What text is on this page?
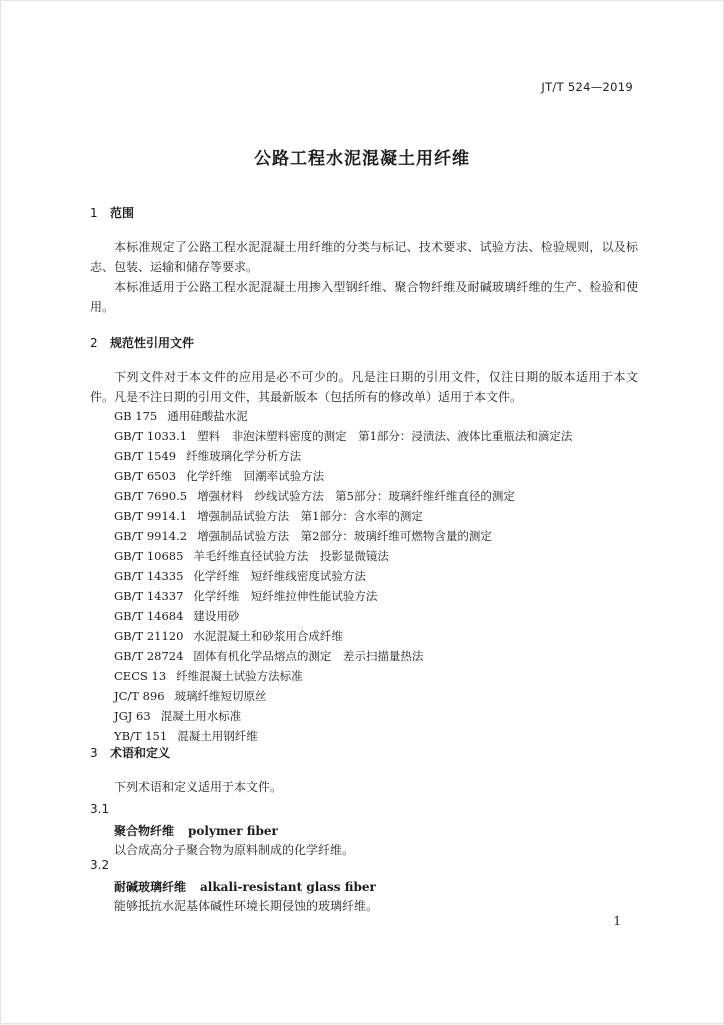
JT/T 524—2019
公路工程水泥混凝土用纤维
1 范围
本标准规定了公路工程水泥混凝土用纤维的分类与标记、技术要求、试验方法、检验规则，以及标志、包装、运输和储存等要求。
本标准适用于公路工程水泥混凝土用掺入型钢纤维、聚合物纤维及耐碱玻璃纤维的生产、检验和使用。
2 规范性引用文件
下列文件对于本文件的应用是必不可少的。凡是注日期的引用文件，仅注日期的版本适用于本文件。凡是不注日期的引用文件，其最新版本（包括所有的修改单）适用于本文件。
GB 175 通用硅酸盐水泥
GB/T 1033.1 塑料　非泡沫塑料密度的测定　第1部分：浸渍法、液体比重瓶法和滴定法
GB/T 1549 纤维玻璃化学分析方法
GB/T 6503 化学纤维　回潮率试验方法
GB/T 7690.5 增强材料　纱线试验方法　第5部分：玻璃纤维纤维直径的测定
GB/T 9914.1 增强制品试验方法　第1部分：含水率的测定
GB/T 9914.2 增强制品试验方法　第2部分：玻璃纤维可燃物含量的测定
GB/T 10685 羊毛纤维直径试验方法　投影显微镜法
GB/T 14335 化学纤维　短纤维线密度试验方法
GB/T 14337 化学纤维　短纤维拉伸性能试验方法
GB/T 14684 建设用砂
GB/T 21120 水泥混凝土和砂浆用合成纤维
GB/T 28724 固体有机化学品熔点的测定　差示扫描量热法
CECS 13 纤维混凝土试验方法标准
JC/T 896 玻璃纤维短切原丝
JGJ 63 混凝土用水标准
YB/T 151 混凝土用钢纤维
3 术语和定义
下列术语和定义适用于本文件。
3.1
聚合物纤维 polymer fiber
以合成高分子聚合物为原料制成的化学纤维。
3.2
耐碱玻璃纤维 alkali-resistant glass fiber
能够抵抗水泥基体碱性环境长期侵蚀的玻璃纤维。
1
